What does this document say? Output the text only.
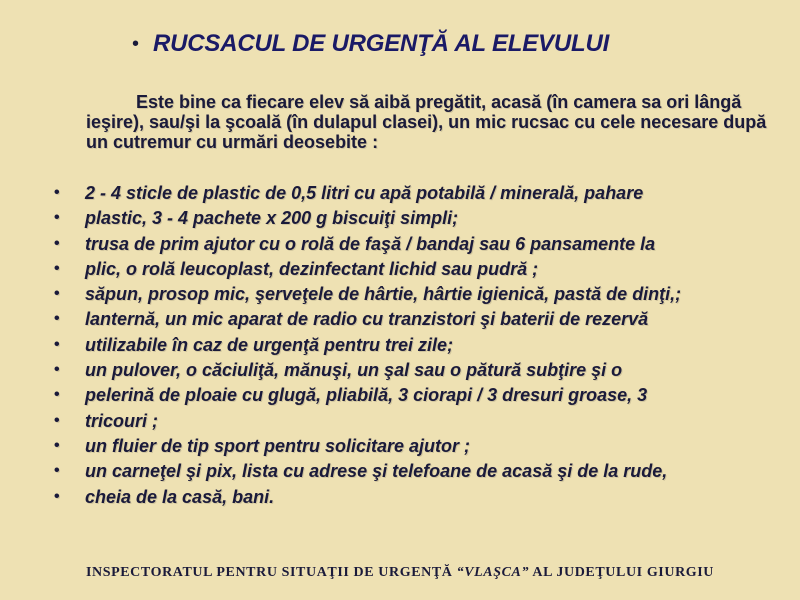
• RUCSACUL DE URGENŢĂ AL ELEVULUI
Este bine ca fiecare elev să aibă pregătit, acasă (în camera sa ori lângă ieşire), sau/şi la şcoală (în dulapul clasei), un mic rucsac cu cele necesare după un cutremur cu urmări deosebite :
•	2 - 4 sticle de plastic de 0,5 litri cu apă potabilă / minerală, pahare
•	plastic, 3 - 4 pachete x 200 g biscuiţi simpli;
•	trusa de prim ajutor cu o rolă de faşă / bandaj sau 6 pansamente la
•	plic, o rolă leucoplast, dezinfectant lichid sau pudră ;
•	săpun, prosop mic, şerveţele de hârtie, hârtie igienică, pastă de dinţi,;
•	lanternă, un mic aparat de radio cu tranzistori şi baterii de rezervă
•	utilizabile în caz de urgenţă pentru trei zile;
•	un pulover, o căciuliţă, mănuşi, un şal sau o pătură subţire şi o
•	pelerină de ploaie cu glugă, pliabilă, 3 ciorapi / 3 dresuri groase, 3
•	tricouri ;
•	un fluier de tip sport pentru solicitare ajutor ;
•	un carneţel şi pix, lista cu adrese şi telefoane de acasă şi de la rude,
•	cheia de la casă, bani.
INSPECTORATUL PENTRU SITUAŢII DE URGENŢĂ “VLAŞCA” AL JUDEŢULUI GIURGIU
